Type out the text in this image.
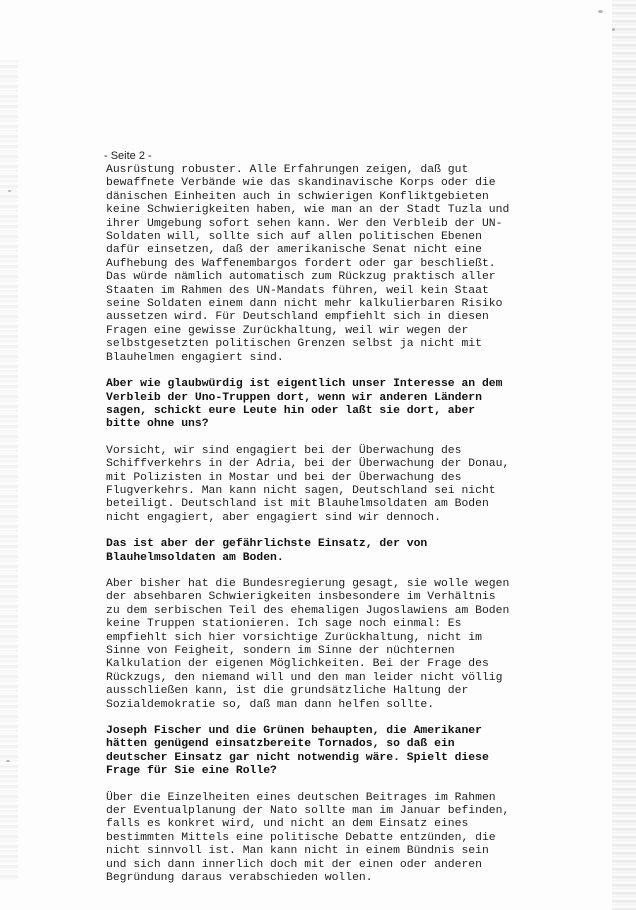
- Seite 2 -
Ausrüstung robuster. Alle Erfahrungen zeigen, daß gut
bewaffnete Verbände wie das skandinavische Korps oder die
dänischen Einheiten auch in schwierigen Konfliktgebieten
keine Schwierigkeiten haben, wie man an der Stadt Tuzla und
ihrer Umgebung sofort sehen kann. Wer den Verbleib der UN-
Soldaten will, sollte sich auf allen politischen Ebenen
dafür einsetzen, daß der amerikanische Senat nicht eine
Aufhebung des Waffenembargos fordert oder gar beschließt.
Das würde nämlich automatisch zum Rückzug praktisch aller
Staaten im Rahmen des UN-Mandats führen, weil kein Staat
seine Soldaten einem dann nicht mehr kalkulierbaren Risiko
aussetzen wird. Für Deutschland empfiehlt sich in diesen
Fragen eine gewisse Zurückhaltung, weil wir wegen der
selbstgesetzten politischen Grenzen selbst ja nicht mit
Blauhelmen engagiert sind.
Aber wie glaubwürdig ist eigentlich unser Interesse an dem
Verbleib der Uno-Truppen dort, wenn wir anderen Ländern
sagen, schickt eure Leute hin oder laßt sie dort, aber
bitte ohne uns?
Vorsicht, wir sind engagiert bei der Überwachung des
Schiffverkehrs in der Adria, bei der Überwachung der Donau,
mit Polizisten in Mostar und bei der Überwachung des
Flugverkehrs. Man kann nicht sagen, Deutschland sei nicht
beteiligt. Deutschland ist mit Blauhelmsoldaten am Boden
nicht engagiert, aber engagiert sind wir dennoch.
Das ist aber der gefährlichste Einsatz, der von
Blauhelmsoldaten am Boden.
Aber bisher hat die Bundesregierung gesagt, sie wolle wegen
der absehbaren Schwierigkeiten insbesondere im Verhältnis
zu dem serbischen Teil des ehemaligen Jugoslawiens am Boden
keine Truppen stationieren. Ich sage noch einmal: Es
empfiehlt sich hier vorsichtige Zurückhaltung, nicht im
Sinne von Feigheit, sondern im Sinne der nüchternen
Kalkulation der eigenen Möglichkeiten. Bei der Frage des
Rückzugs, den niemand will und den man leider nicht völlig
ausschließen kann, ist die grundsätzliche Haltung der
Sozialdemokratie so, daß man dann helfen sollte.
Joseph Fischer und die Grünen behaupten, die Amerikaner
hätten genügend einsatzbereite Tornados, so daß ein
deutscher Einsatz gar nicht notwendig wäre. Spielt diese
Frage für Sie eine Rolle?
Über die Einzelheiten eines deutschen Beitrages im Rahmen
der Eventualplanung der Nato sollte man im Januar befinden,
falls es konkret wird, und nicht an dem Einsatz eines
bestimmten Mittels eine politische Debatte entzünden, die
nicht sinnvoll ist. Man kann nicht in einem Bündnis sein
und sich dann innerlich doch mit der einen oder anderen
Begründung daraus verabschieden wollen.
